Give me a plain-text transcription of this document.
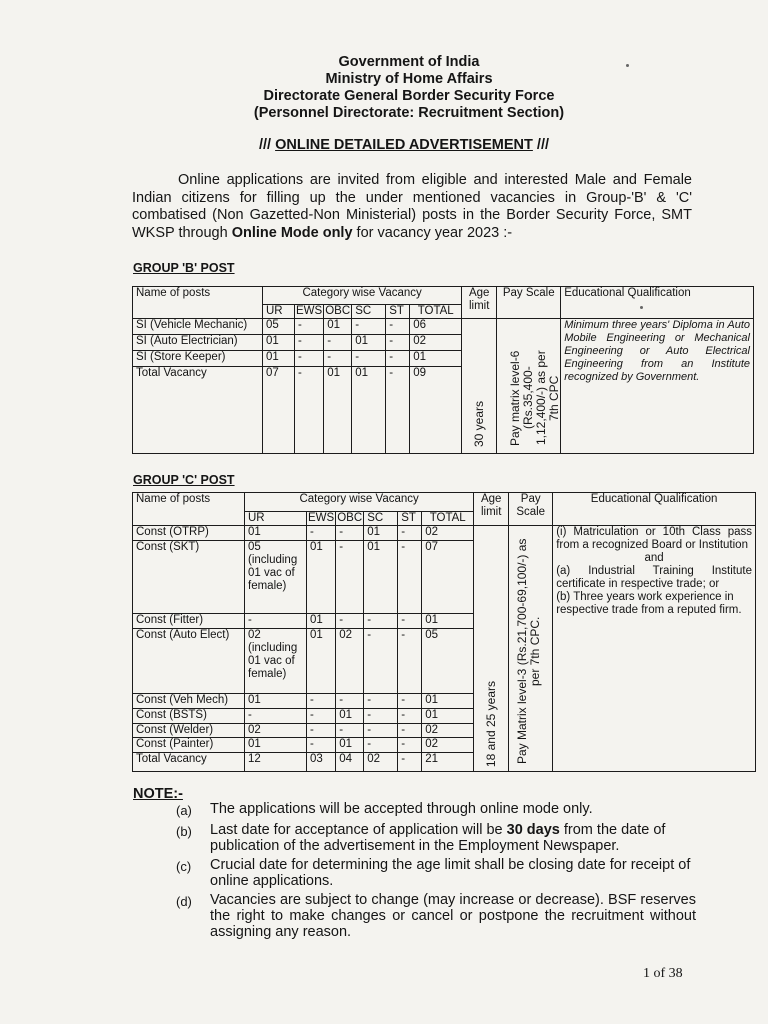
Government of India
Ministry of Home Affairs
Directorate General Border Security Force
(Personnel Directorate: Recruitment Section)
/// ONLINE DETAILED ADVERTISEMENT ///
Online applications are invited from eligible and interested Male and Female Indian citizens for filling up the under mentioned vacancies in Group-'B' & 'C' combatised (Non Gazetted-Non Ministerial) posts in the Border Security Force, SMT WKSP through Online Mode only for vacancy year 2023 :-
GROUP 'B' POST
Name of posts	Category wise Vacancy						Age limit	Pay Scale	Educational Qualification
	UR	EWS	OBC	SC	ST	TOTAL			
SI (Vehicle Mechanic)	05	-	01	-	-	06	30 years	Pay matrix level-6 (Rs.35,400-1,12,400/-) as per 7th CPC	Minimum three years' Diploma in Auto Mobile Engineering or Mechanical Engineering or Auto Electrical Engineering from an Institute recognized by Government.
SI (Auto Electrician)	01	-	-	01	-	02			
SI (Store Keeper)	01	-	-	-	-	01			
Total Vacancy	07	-	01	01	-	09			
GROUP 'C' POST
Name of posts	Category wise Vacancy						Age limit	Pay Scale	Educational Qualification
	UR	EWS	OBC	SC	ST	TOTAL			
Const (OTRP)	01	-	-	01	-	02	18 and 25 years	Pay Matrix level-3 (Rs.21,700-69,100/-) as per 7th CPC.	(i) Matriculation or 10th Class pass from a recognized Board or Institution
and
(a) Industrial Training Institute certificate in respective trade; or
(b) Three years work experience in respective trade from a reputed firm.

Const (SKT)	05 (including 01 vac of female)	01	-	01	-	07			
Const (Fitter)	-	01	-	-	-	01			
Const (Auto Elect)	02 (including 01 vac of female)	01	02	-	-	05			
Const (Veh Mech)	01	-	-	-	-	01			
Const (BSTS)	-	-	01	-	-	01			
Const (Welder)	02	-	-	-	-	02			
Const (Painter)	01	-	01	-	-	02			
Total Vacancy	12	03	04	02	-	21			
NOTE:-
(a)	The applications will be accepted through online mode only.
(b)	Last date for acceptance of application will be 30 days from the date of publication of the advertisement in the Employment Newspaper.
(c)	Crucial date for determining the age limit shall be closing date for receipt of online applications.
(d)	Vacancies are subject to change (may increase or decrease). BSF reserves the right to make changes or cancel or postpone the recruitment without assigning any reason.
1 of 38
